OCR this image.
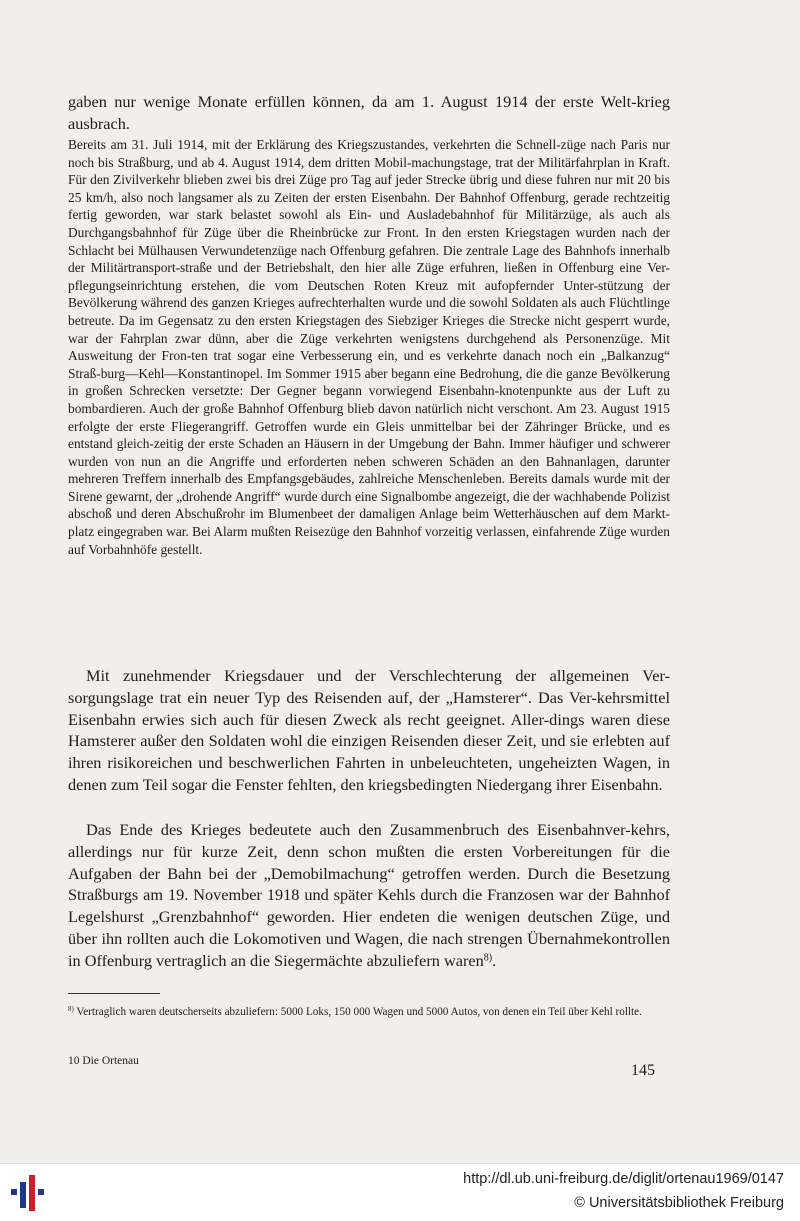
gaben nur wenige Monate erfüllen können, da am 1. August 1914 der erste Welt-krieg ausbrach.

Bereits am 31. Juli 1914, mit der Erklärung des Kriegszustandes, verkehrten die Schnell-züge nach Paris nur noch bis Straßburg, und ab 4. August 1914, dem dritten Mobil-machungstage, trat der Militärfahrplan in Kraft. Für den Zivilverkehr blieben zwei bis drei Züge pro Tag auf jeder Strecke übrig und diese fuhren nur mit 20 bis 25 km/h, also noch langsamer als zu Zeiten der ersten Eisenbahn. Der Bahnhof Offenburg, gerade rechtzeitig fertig geworden, war stark belastet sowohl als Ein- und Ausladebahnhof für Militärzüge, als auch als Durchgangsbahnhof für Züge über die Rheinbrücke zur Front. In den ersten Kriegstagen wurden nach der Schlacht bei Mülhausen Verwundetenzüge nach Offenburg gefahren. Die zentrale Lage des Bahnhofs innerhalb der Militärtransport-straße und der Betriebshalt, den hier alle Züge erfuhren, ließen in Offenburg eine Ver-pflegungseinrichtung erstehen, die vom Deutschen Roten Kreuz mit aufopfernder Unter-stützung der Bevölkerung während des ganzen Krieges aufrechterhalten wurde und die sowohl Soldaten als auch Flüchtlinge betreute. Da im Gegensatz zu den ersten Kriegstagen des Siebziger Krieges die Strecke nicht gesperrt wurde, war der Fahrplan zwar dünn, aber die Züge verkehrten wenigstens durchgehend als Personenzüge. Mit Ausweitung der Fron-ten trat sogar eine Verbesserung ein, und es verkehrte danach noch ein „Balkanzug“ Straß-burg—Kehl—Konstantinopel. Im Sommer 1915 aber begann eine Bedrohung, die die ganze Bevölkerung in großen Schrecken versetzte: Der Gegner begann vorwiegend Eisenbahn-knotenpunkte aus der Luft zu bombardieren. Auch der große Bahnhof Offenburg blieb davon natürlich nicht verschont. Am 23. August 1915 erfolgte der erste Fliegerangriff. Getroffen wurde ein Gleis unmittelbar bei der Zähringer Brücke, und es entstand gleich-zeitig der erste Schaden an Häusern in der Umgebung der Bahn. Immer häufiger und schwerer wurden von nun an die Angriffe und erforderten neben schweren Schäden an den Bahnanlagen, darunter mehreren Treffern innerhalb des Empfangsgebäudes, zahlreiche Menschenleben. Bereits damals wurde mit der Sirene gewarnt, der „drohende Angriff“ wurde durch eine Signalbombe angezeigt, die der wachhabende Polizist abschoß und deren Abschußrohr im Blumenbeet der damaligen Anlage beim Wetterhäuschen auf dem Markt-platz eingegraben war. Bei Alarm mußten Reisezüge den Bahnhof vorzeitig verlassen, einfahrende Züge wurden auf Vorbahnhöfe gestellt.

Mit zunehmender Kriegsdauer und der Verschlechterung der allgemeinen Ver-sorgungslage trat ein neuer Typ des Reisenden auf, der „Hamsterer“. Das Ver-kehrsmittel Eisenbahn erwies sich auch für diesen Zweck als recht geeignet. Aller-dings waren diese Hamsterer außer den Soldaten wohl die einzigen Reisenden dieser Zeit, und sie erlebten auf ihren risikoreichen und beschwerlichen Fahrten in unbeleuchteten, ungeheizten Wagen, in denen zum Teil sogar die Fenster fehlten, den kriegsbedingten Niedergang ihrer Eisenbahn.

Das Ende des Krieges bedeutete auch den Zusammenbruch des Eisenbahnver-kehrs, allerdings nur für kurze Zeit, denn schon mußten die ersten Vorbereitungen für die Aufgaben der Bahn bei der „Demobilmachung“ getroffen werden. Durch die Besetzung Straßburgs am 19. November 1918 und später Kehls durch die Franzosen war der Bahnhof Legelshurst „Grenzbahnhof“ geworden. Hier endeten die wenigen deutschen Züge, und über ihn rollten auch die Lokomotiven und Wagen, die nach strengen Übernahmekontrollen in Offenburg vertraglich an die Siegermächte abzuliefern waren$^{8)}$.

$^{8)}$ Vertraglich waren deutscherseits abzuliefern: 5000 Loks, 150 000 Wagen und 5000 Autos, von denen ein Teil über Kehl rollte.
10 Die Ortenau
145
http://dl.ub.uni-freiburg.de/diglit/ortenau1969/0147
© Universitätsbibliothek Freiburg
